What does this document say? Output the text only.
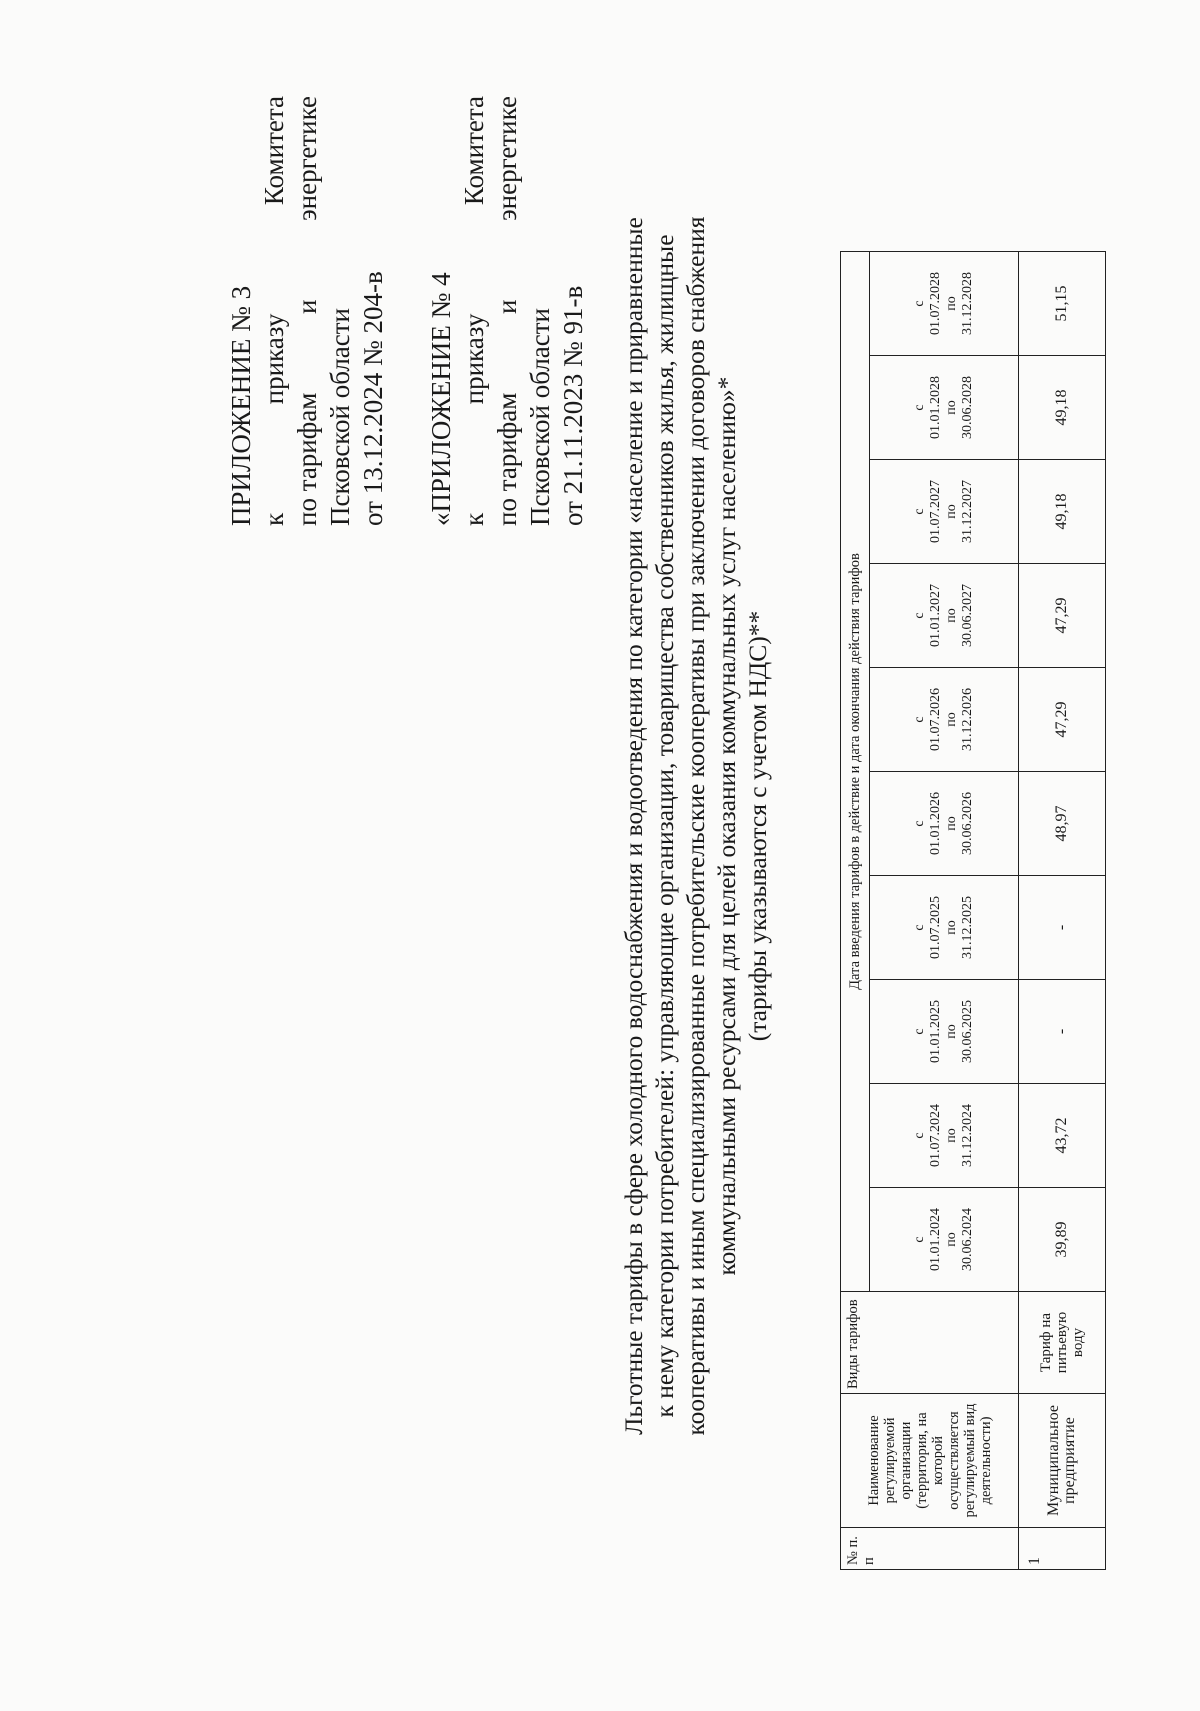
ПРИЛОЖЕНИЕ № 3 к
приказу
Комитета
по тарифам
и
энергетике
Псковской области от 13.12.2024 № 204-в «ПРИЛОЖЕНИЕ № 4 к
приказу
Комитета
по тарифам
и
энергетике
Псковской области от 21.11.2023 № 91-в Льготные тарифы в сфере холодного водоснабжения и водоотведения по категории «население и приравненные к нему категории потребителей: управляющие организации, товарищества собственников жилья, жилищные кооперативы и иным специализированные потребительские кооперативы при заключении договоров снабжения коммунальными ресурсами для целей оказания коммунальных услуг населению»* (тарифы указываются с учетом НДС)**
№ п. п	Наименование регулируемой организации (территория, на которой осуществляется регулируемый вид деятельности)	Виды тарифов	Дата введения тарифов в действие и дата окончания действия тарифов									

			с 01.01.2024 по 30.06.2024	с 01.07.2024 по 31.12.2024	с 01.01.2025 по 30.06.2025	с 01.07.2025 по 31.12.2025	с 01.01.2026 по 30.06.2026	с 01.07.2026 по 31.12.2026	с 01.01.2027 по 30.06.2027	с 01.07.2027 по 31.12.2027	с 01.01.2028 по 30.06.2028	с 01.07.2028 по 31.12.2028

1	Муниципальное предприятие	Тариф на питьевую воду	39,89	43,72	-	-	48,97	47,29	47,29	49,18	49,18	51,15
